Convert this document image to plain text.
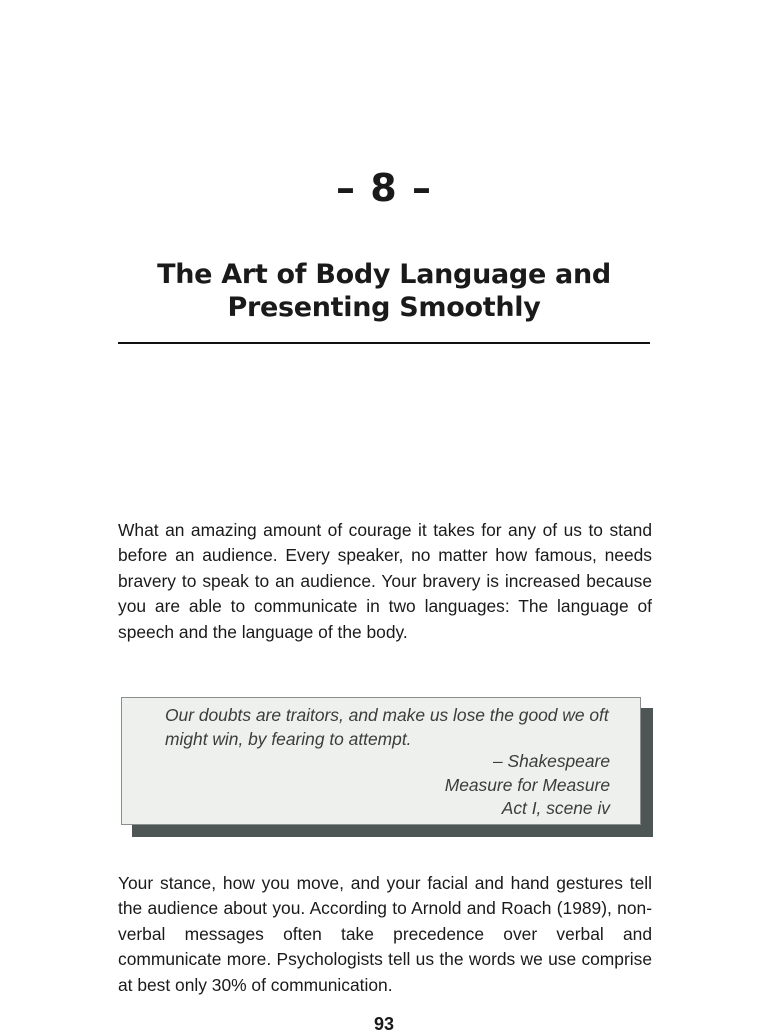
– 8 –
The Art of Body Language and
Presenting Smoothly

What an amazing amount of courage it takes for any of us to stand before an audience. Every speaker, no matter how famous, needs bravery to speak to an audience. Your bravery is increased because you are able to communicate in two languages: The language of speech and the language of the body.

Our doubts are traitors, and make us lose the good we oft might win, by fearing to attempt.
– Shakespeare
Measure for Measure
Act I, scene iv

Your stance, how you move, and your facial and hand gestures tell the audience about you. According to Arnold and Roach (1989), non-verbal messages often take precedence over verbal and communicate more. Psychologists tell us the words we use comprise at best only 30% of communication.

93
